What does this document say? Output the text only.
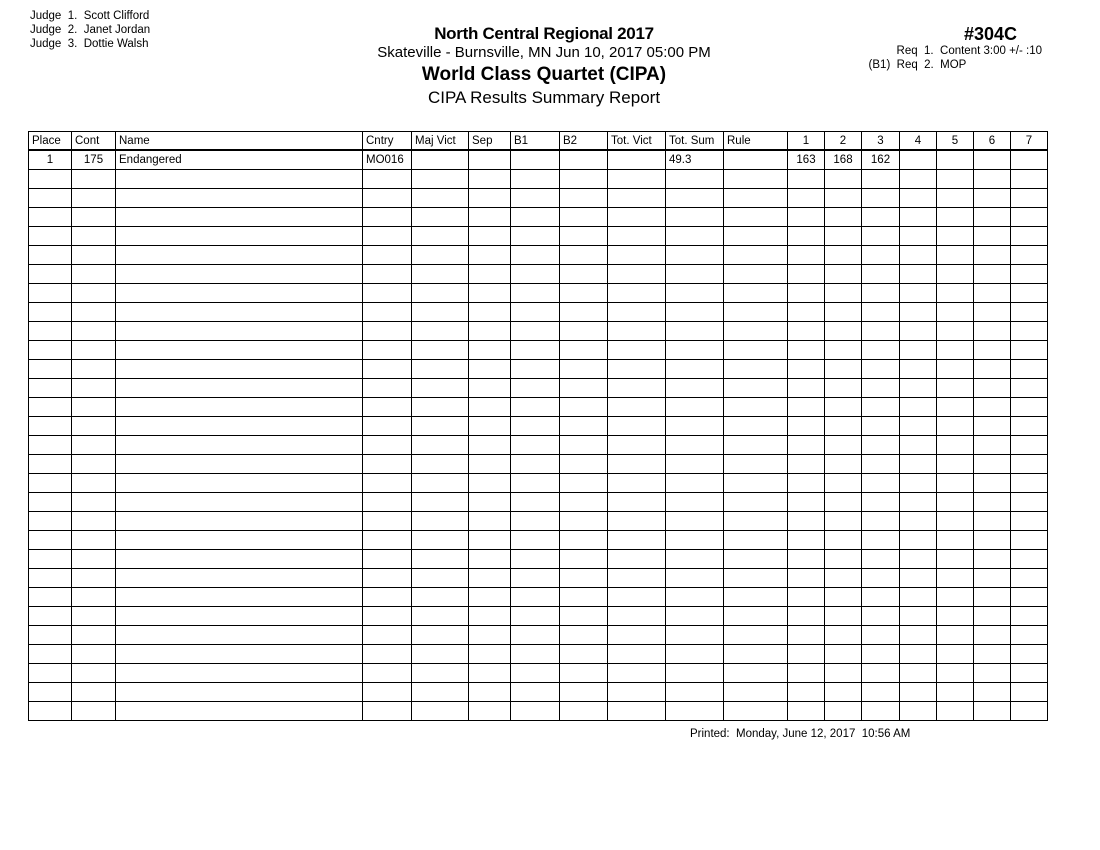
Judge  1.  Scott Clifford
Judge  2.  Janet Jordan
Judge  3.  Dottie Walsh
North Central Regional 2017
Skateville - Burnsville, MN Jun 10, 2017 05:00 PM
World Class Quartet (CIPA)
CIPA Results Summary Report
#304C
Req  1.  Content 3:00 +/- :10
(B1)  Req  2.  MOP
Place	Cont	Name	Cntry	Maj Vict	Sep	B1	B2	Tot. Vict	Tot. Sum	Rule	1	2	3	4	5	6	7
1	175	Endangered	MO016						49.3		163	168	162				

Printed:  Monday, June 12, 2017  10:56 AM
